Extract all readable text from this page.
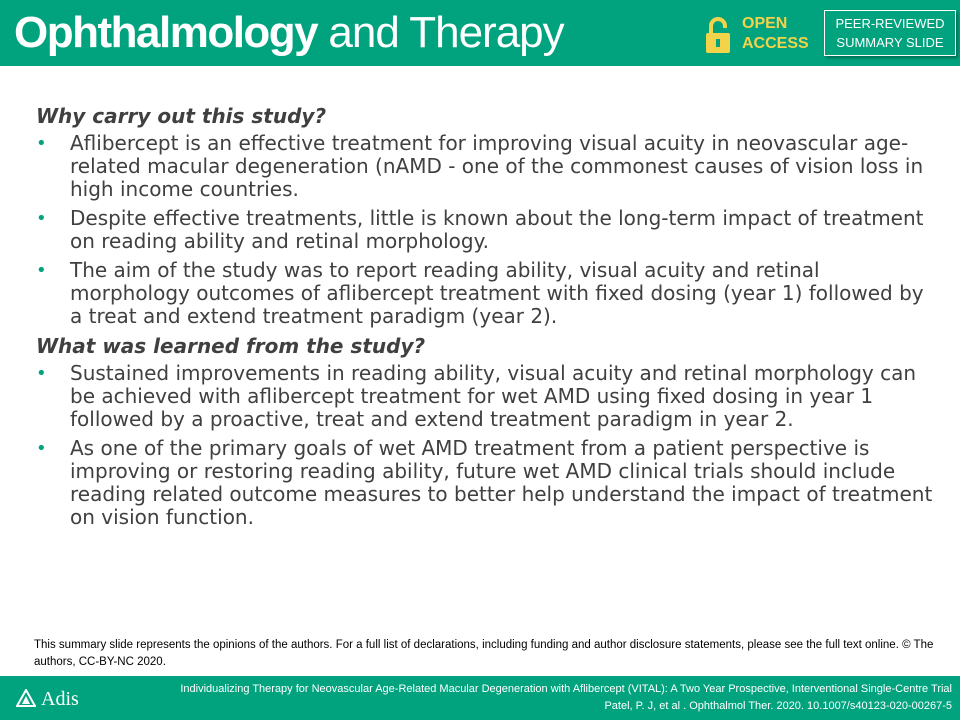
Ophthalmology and Therapy	OPEN
ACCESS
PEER-REVIEWED
SUMMARY SLIDE
Why carry out this study?
• Aflibercept is an effective treatment for improving visual acuity in neovascular age-related macular degeneration (nAMD - one of the commonest causes of vision loss in high income countries.
• Despite effective treatments, little is known about the long-term impact of treatment on reading ability and retinal morphology.
• The aim of the study was to report reading ability, visual acuity and retinal morphology outcomes of aflibercept treatment with fixed dosing (year 1) followed by a treat and extend treatment paradigm (year 2).
What was learned from the study?
• Sustained improvements in reading ability, visual acuity and retinal morphology can be achieved with aflibercept treatment for wet AMD using fixed dosing in year 1 followed by a proactive, treat and extend treatment paradigm in year 2.
• As one of the primary goals of wet AMD treatment from a patient perspective is improving or restoring reading ability, future wet AMD clinical trials should include reading related outcome measures to better help understand the impact of treatment on vision function.
This summary slide represents the opinions of the authors. For a full list of declarations, including funding and author disclosure statements, please see the full text online. © The authors, CC-BY-NC 2020.
Adis	Individualizing Therapy for Neovascular Age-Related Macular Degeneration with Aflibercept (VITAL): A Two Year Prospective, Interventional Single-Centre Trial
Patel, P. J, et al . Ophthalmol Ther. 2020. 10.1007/s40123-020-00267-5
